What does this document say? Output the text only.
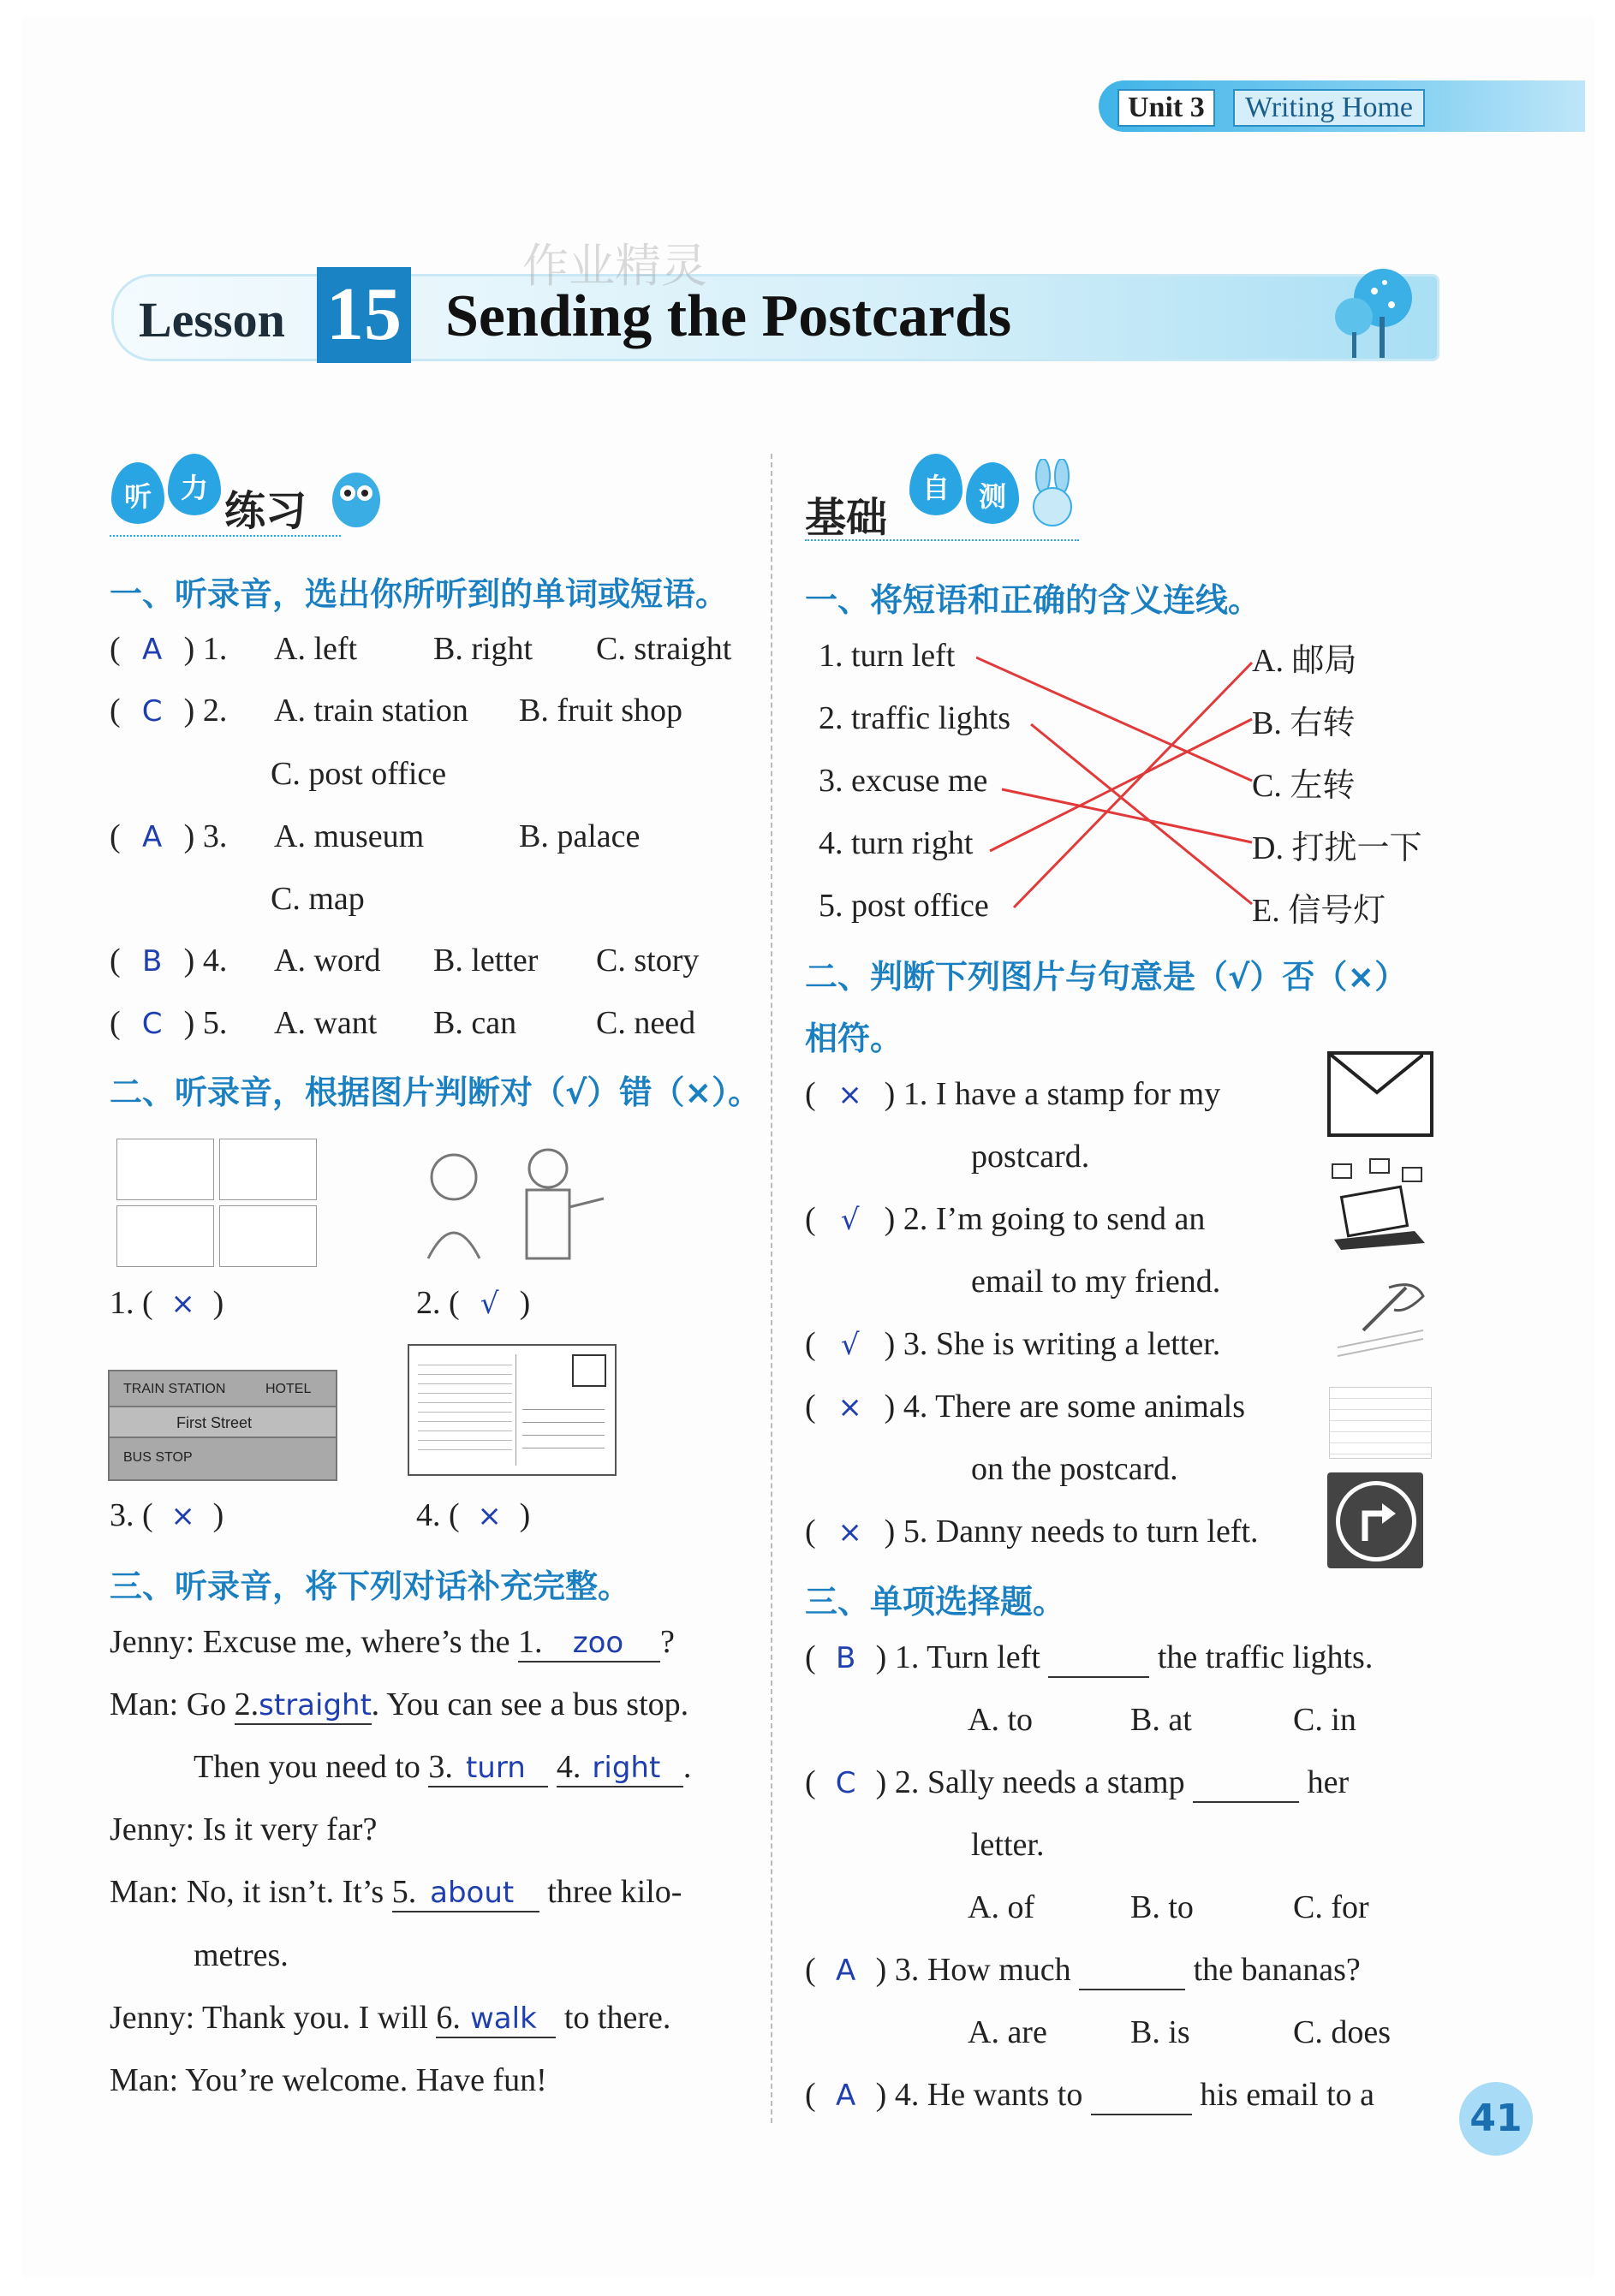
Unit 3	Writing Home
Lesson 15 Sending the Postcards
作业精灵
听	力 练习
一、听录音，选出你所听到的单词或短语。
( A ) 1. A. left B. right C. straight
( C ) 2. A. train station B. fruit shop
C. post office
( A ) 3. A. museum	B. palace
C. map
( B ) 4. A. word B. letter C. story
( C ) 5. A. want B. can C. need
二、听录音，根据图片判断对（√）错（×）。
1. ( × )	2. ( √ )
TRAIN STATION	HOTEL
First Street
BUS STOP
3. ( × )	4. ( × )
三、听录音，将下列对话补充完整。
Jenny: Excuse me, where’s the 1. zoo ?
Man: Go 2.straight. You can see a bus stop.
Then you need to 3. turn 4. right .
Jenny: Is it very far?
Man: No, it isn’t. It’s 5. about three kilo-
metres.
Jenny: Thank you. I will 6. walk to there.
Man: You’re welcome. Have fun!
基础
自	测
一、将短语和正确的含义连线。
1. turn left
2. traffic lights
3. excuse me
4. turn right
5. post office
A. 邮局
B. 右转
C. 左转
D. 打扰一下
E. 信号灯
二、判断下列图片与句意是（√）否（×）
相符。
( × ) 1. I have a stamp for my
postcard.
( √ ) 2. I’m going to send an
email to my friend.
( √ ) 3. She is writing a letter.
( × ) 4. There are some animals
on the postcard.
( × ) 5. Danny needs to turn left.
三、单项选择题。
( B ) 1. Turn left	the traffic lights.
A. to	B. at	C. in
( C ) 2. Sally needs a stamp	her
letter.
A. of	B. to	C. for
( A ) 3. How much	the bananas?
A. are	B. is	C. does
( A ) 4. He wants to	his email to a
41
